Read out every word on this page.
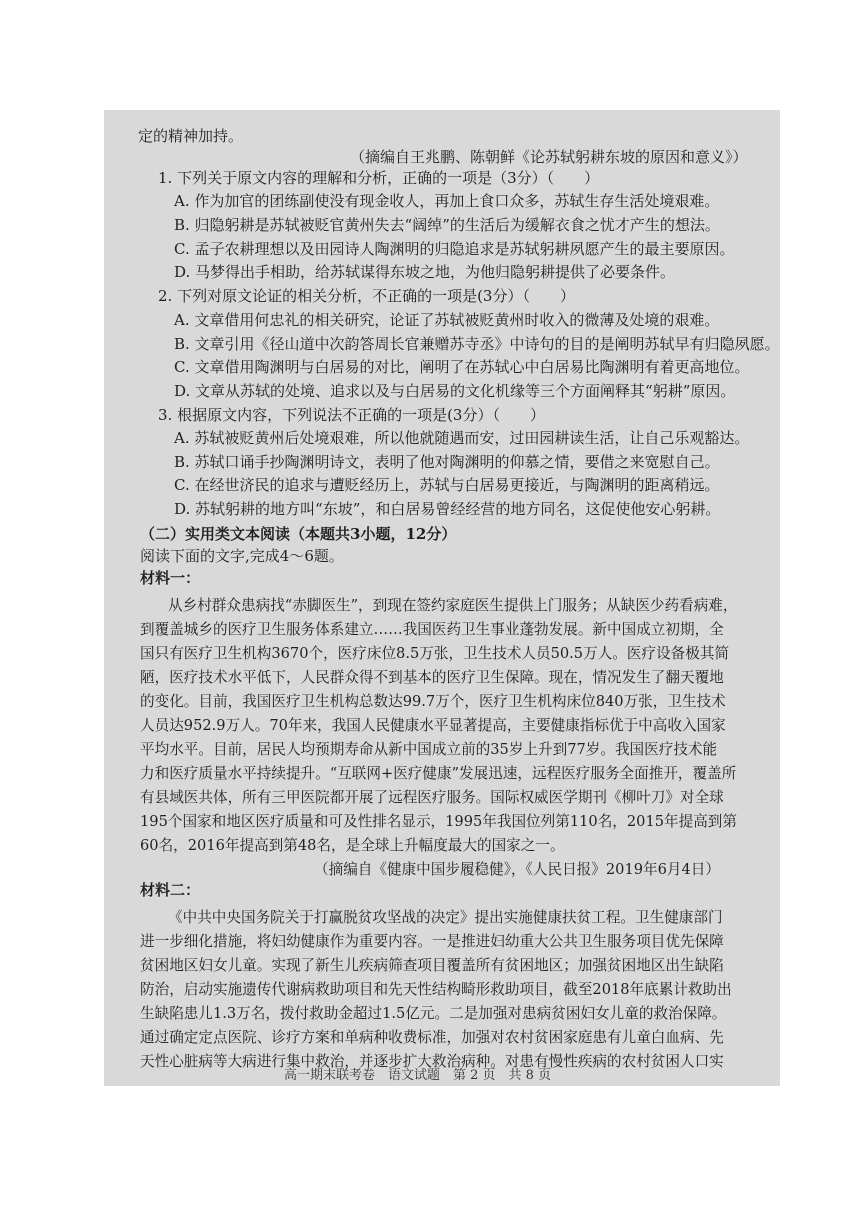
定的精神加持。
（摘编自王兆鹏、陈朝鲜《论苏轼躬耕东坡的原因和意义》）
1. 下列关于原文内容的理解和分析，正确的一项是（3分）（　　）
A. 作为加官的团练副使没有现金收人，再加上食口众多，苏轼生存生活处境艰难。
B. 归隐躬耕是苏轼被贬官黄州失去“阔绰”的生活后为缓解衣食之忧才产生的想法。
C. 孟子农耕理想以及田园诗人陶渊明的归隐追求是苏轼躬耕夙愿产生的最主要原因。
D. 马梦得出手相助，给苏轼谋得东坡之地，为他归隐躬耕提供了必要条件。
2. 下列对原文论证的相关分析，不正确的一项是(3分）（　　）
A. 文章借用何忠礼的相关研究，论证了苏轼被贬黄州时收入的微薄及处境的艰难。
B. 文章引用《径山道中次韵答周长官兼赠苏寺丞》中诗句的目的是阐明苏轼早有归隐夙愿。
C. 文章借用陶渊明与白居易的对比，阐明了在苏轼心中白居易比陶渊明有着更高地位。
D. 文章从苏轼的处境、追求以及与白居易的文化机缘等三个方面阐释其“躬耕”原因。
3. 根据原文内容，下列说法不正确的一项是(3分）（　　）
A. 苏轼被贬黄州后处境艰难，所以他就随遇而安，过田园耕读生活，让自己乐观豁达。
B. 苏轼口诵手抄陶渊明诗文，表明了他对陶渊明的仰慕之情，要借之来宽慰自己。
C. 在经世济民的追求与遭贬经历上，苏轼与白居易更接近，与陶渊明的距离稍远。
D. 苏轼躬耕的地方叫“东坡”，和白居易曾经经营的地方同名，这促使他安心躬耕。
（二）实用类文本阅读（本题共3小题，12分）
阅读下面的文字,完成4～6题。
材料一：
从乡村群众患病找“赤脚医生”，到现在签约家庭医生提供上门服务；从缺医少药看病难，
到覆盖城乡的医疗卫生服务体系建立……我国医药卫生事业蓬勃发展。新中国成立初期，全
国只有医疗卫生机构3670个，医疗床位8.5万张，卫生技术人员50.5万人。医疗设备极其简
陋，医疗技术水平低下，人民群众得不到基本的医疗卫生保障。现在，情况发生了翻天覆地
的变化。目前，我国医疗卫生机构总数达99.7万个，医疗卫生机构床位840万张，卫生技术
人员达952.9万人。70年来，我国人民健康水平显著提高，主要健康指标优于中高收入国家
平均水平。目前，居民人均预期寿命从新中国成立前的35岁上升到77岁。我国医疗技术能
力和医疗质量水平持续提升。“互联网+医疗健康”发展迅速，远程医疗服务全面推开，覆盖所
有县域医共体，所有三甲医院都开展了远程医疗服务。国际权威医学期刊《柳叶刀》对全球
195个国家和地区医疗质量和可及性排名显示，1995年我国位列第110名，2015年提高到第
60名，2016年提高到第48名，是全球上升幅度最大的国家之一。
（摘编自《健康中国步履稳健》，《人民日报》2019年6月4日）
材料二：
《中共中央国务院关于打赢脱贫攻坚战的决定》提出实施健康扶贫工程。卫生健康部门
进一步细化措施，将妇幼健康作为重要内容。一是推进妇幼重大公共卫生服务项目优先保障
贫困地区妇女儿童。实现了新生儿疾病筛查项目覆盖所有贫困地区；加强贫困地区出生缺陷
防治，启动实施遗传代谢病救助项目和先天性结构畸形救助项目，截至2018年底累计救助出
生缺陷患儿1.3万名，拨付救助金超过1.5亿元。二是加强对患病贫困妇女儿童的救治保障。
通过确定定点医院、诊疗方案和单病种收费标准，加强对农村贫困家庭患有儿童白血病、先
天性心脏病等大病进行集中救治，并逐步扩大救治病种。对患有慢性疾病的农村贫困人口实
高一期末联考卷　语文试题　第 2 页　共 8 页
